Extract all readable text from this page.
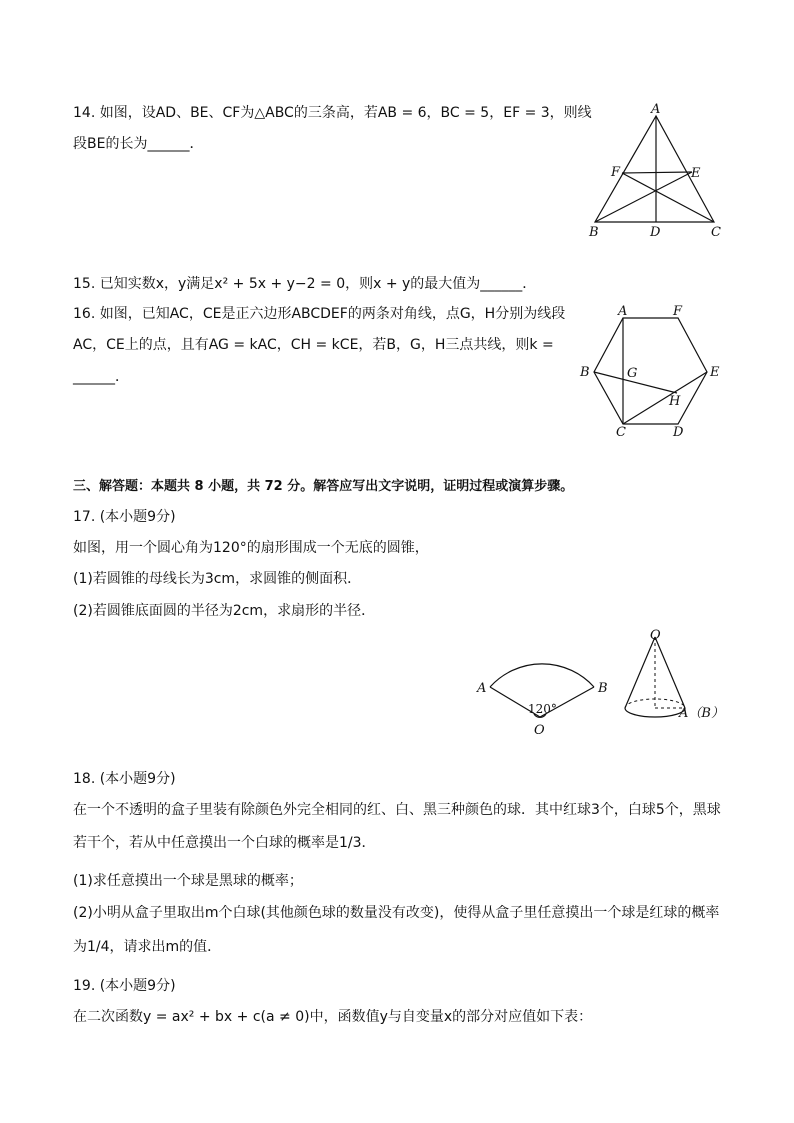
14. 如图，设AD、BE、CF为△ABC的三条高，若AB = 6，BC = 5，EF = 3，则线
段BE的长为______．
A
B	C
D
E
F
15. 已知实数x，y满足x² + 5x + y−2 = 0，则x + y的最大值为______．
16. 如图，已知AC，CE是正六边形ABCDEF的两条对角线，点G，H分别为线段
AC，CE上的点，且有AG = kAC，CH = kCE，若B，G，H三点共线，则k =
______．
A	F
B	E
C	D
G
H
三、解答题：本题共 8 小题，共 72 分。解答应写出文字说明，证明过程或演算步骤。
17. (本小题9分)
如图，用一个圆心角为120°的扇形围成一个无底的圆锥，
(1)若圆锥的母线长为3cm，求圆锥的侧面积．
(2)若圆锥底面圆的半径为2cm，求扇形的半径．
A	B
120°
O
O
A（B）
18. (本小题9分)
在一个不透明的盒子里装有除颜色外完全相同的红、白、黑三种颜色的球．其中红球3个，白球5个，黑球
若干个，若从中任意摸出一个白球的概率是1/3．
(1)求任意摸出一个球是黑球的概率；
(2)小明从盒子里取出m个白球(其他颜色球的数量没有改变)，使得从盒子里任意摸出一个球是红球的概率
为1/4，请求出m的值．
19. (本小题9分)
在二次函数y = ax² + bx + c(a ≠ 0)中，函数值y与自变量x的部分对应值如下表：
